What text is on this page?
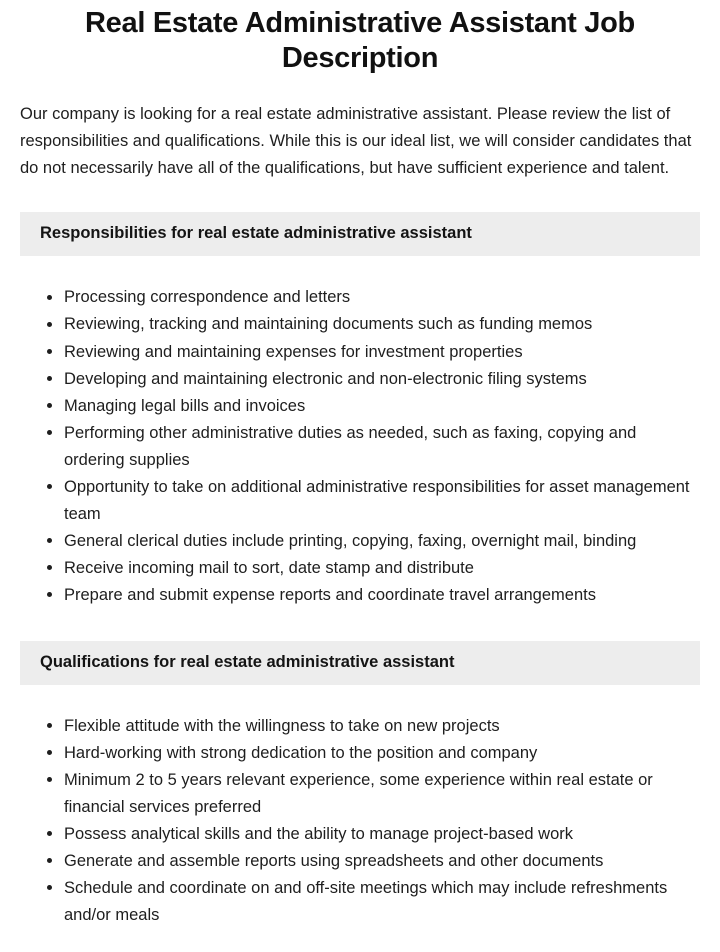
Real Estate Administrative Assistant Job Description

Our company is looking for a real estate administrative assistant. Please review the list of responsibilities and qualifications. While this is our ideal list, we will consider candidates that do not necessarily have all of the qualifications, but have sufficient experience and talent.

Responsibilities for real estate administrative assistant
Processing correspondence and letters
Reviewing, tracking and maintaining documents such as funding memos
Reviewing and maintaining expenses for investment properties
Developing and maintaining electronic and non-electronic filing systems
Managing legal bills and invoices
Performing other administrative duties as needed, such as faxing, copying and ordering supplies
Opportunity to take on additional administrative responsibilities for asset management team
General clerical duties include printing, copying, faxing, overnight mail, binding
Receive incoming mail to sort, date stamp and distribute
Prepare and submit expense reports and coordinate travel arrangements
Qualifications for real estate administrative assistant
Flexible attitude with the willingness to take on new projects
Hard-working with strong dedication to the position and company
Minimum 2 to 5 years relevant experience, some experience within real estate or financial services preferred
Possess analytical skills and the ability to manage project-based work
Generate and assemble reports using spreadsheets and other documents
Schedule and coordinate on and off-site meetings which may include refreshments and/or meals
